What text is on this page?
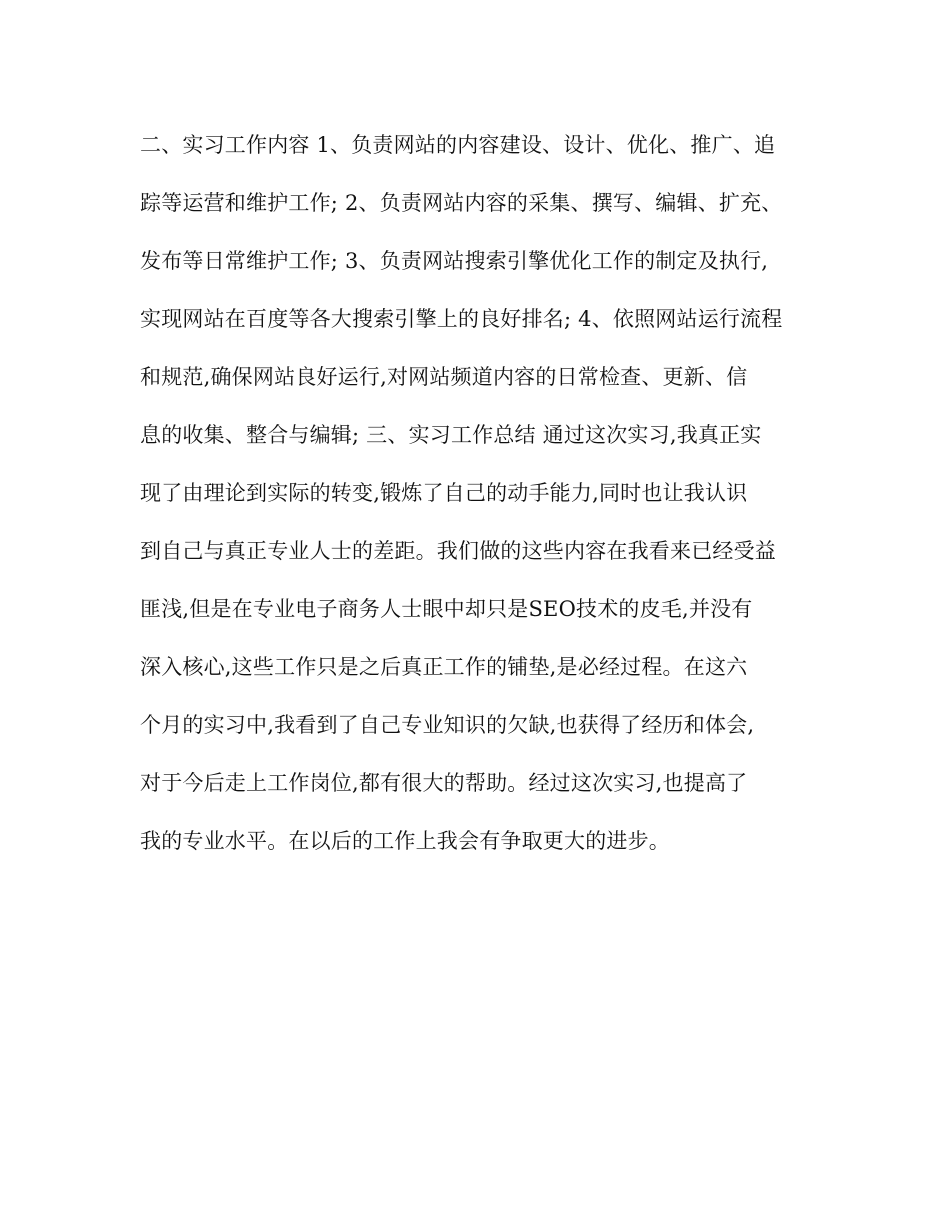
二、实习工作内容 1、负责网站的内容建设、设计、优化、推广、追
踪等运营和维护工作; 2、负责网站内容的采集、撰写、编辑、扩充、
发布等日常维护工作; 3、负责网站搜索引擎优化工作的制定及执行,
实现网站在百度等各大搜索引擎上的良好排名; 4、依照网站运行流程
和规范,确保网站良好运行,对网站频道内容的日常检查、更新、信
息的收集、整合与编辑; 三、实习工作总结 通过这次实习,我真正实
现了由理论到实际的转变,锻炼了自己的动手能力,同时也让我认识
到自己与真正专业人士的差距。我们做的这些内容在我看来已经受益
匪浅,但是在专业电子商务人士眼中却只是SEO技术的皮毛,并没有
深入核心,这些工作只是之后真正工作的铺垫,是必经过程。在这六
个月的实习中,我看到了自己专业知识的欠缺,也获得了经历和体会,
对于今后走上工作岗位,都有很大的帮助。经过这次实习,也提高了
我的专业水平。在以后的工作上我会有争取更大的进步。
